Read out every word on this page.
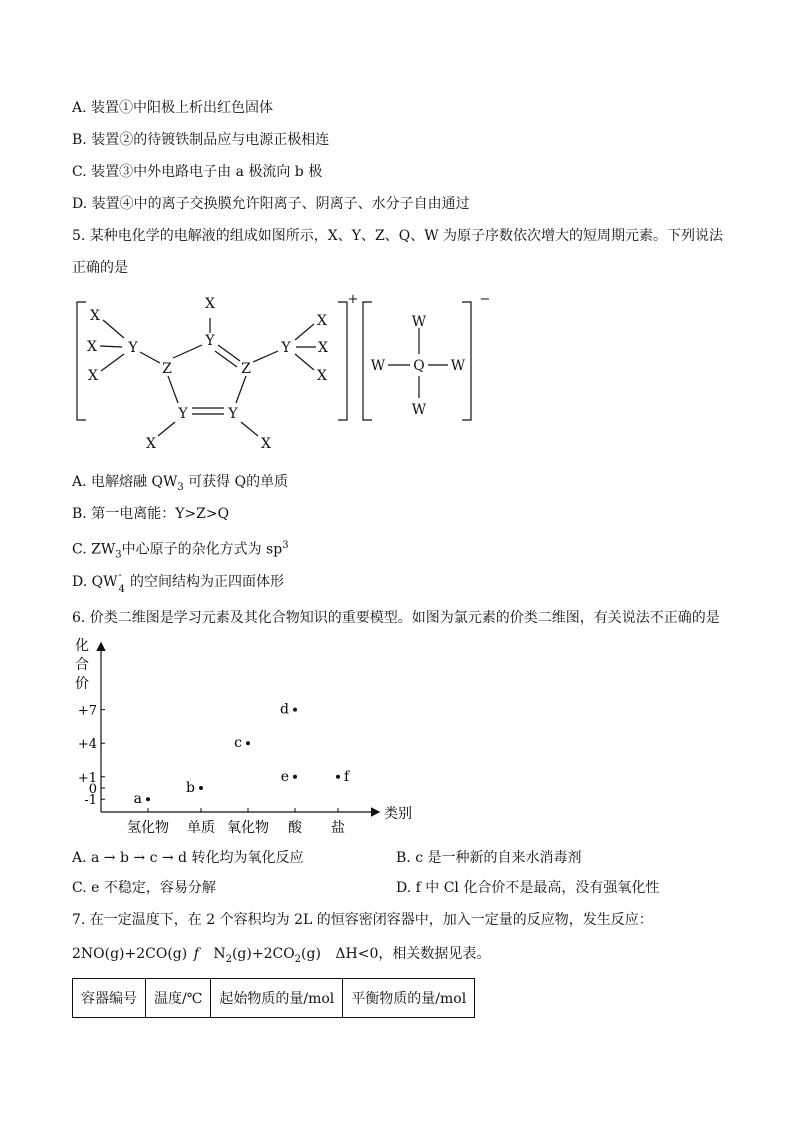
A. 装置①中阳极上析出红色固体
B. 装置②的待镀铁制品应与电源正极相连
C. 装置③中外电路电子由 a 极流向 b 极
D. 装置④中的离子交换膜允许阳离子、阴离子、水分子自由通过
5. 某种电化学的电解液的组成如图所示，X、Y、Z、Q、W 为原子序数依次增大的短周期元素。下列说法
正确的是
X
X
X
Y
Z
X
Y
Z
Y	Y
X	X
Y
X
X
X
+
W
W Q W
W
−
A. 电解熔融 $QW_3$ 可获得 Q的单质
B. 第一电离能：Y>Z>Q
C. $ZW_3$中心原子的杂化方式为 $sp^3$
D. QW -
4 的空间结构为正四面体形
6. 价类二维图是学习元素及其化合物知识的重要模型。如图为氯元素的价类二维图，有关说法不正确的是
化
合
价
类别
+7
+4
+1
0
-1
氢化物 单质 氧化物 酸 盐
a
b
c
d
e	f
A. a → b → c → d 转化均为氧化反应	B. c 是一种新的自来水消毒剂
C. e 不稳定，容易分解	D. f 中 Cl 化合价不是最高，没有强氧化性
7. 在一定温度下，在 2 个容积均为 2L 的恒容密闭容器中，加入一定量的反应物，发生反应：
2NO(g)+2CO(g) f $N_2(g)+2CO_2(g)$ ΔH<0，相关数据见表。
容器编号	温度/℃	起始物质的量/mol	平衡物质的量/mol
